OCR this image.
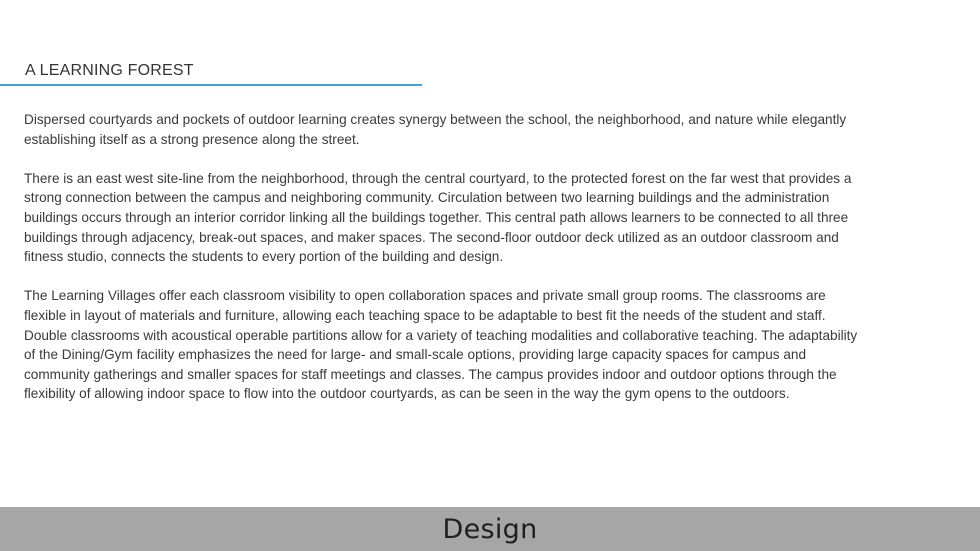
A LEARNING FOREST

Dispersed courtyards and pockets of outdoor learning creates synergy between the school, the neighborhood, and nature while elegantly establishing itself as a strong presence along the street.

There is an east west site-line from the neighborhood, through the central courtyard, to the protected forest on the far west that provides a strong connection between the campus and neighboring community. Circulation between two learning buildings and the administration buildings occurs through an interior corridor linking all the buildings together. This central path allows learners to be connected to all three buildings through adjacency, break-out spaces, and maker spaces. The second-floor outdoor deck utilized as an outdoor classroom and fitness studio, connects the students to every portion of the building and design.

The Learning Villages offer each classroom visibility to open collaboration spaces and private small group rooms. The classrooms are flexible in layout of materials and furniture, allowing each teaching space to be adaptable to best fit the needs of the student and staff. Double classrooms with acoustical operable partitions allow for a variety of teaching modalities and collaborative teaching. The adaptability of the Dining/Gym facility emphasizes the need for large- and small-scale options, providing large capacity spaces for campus and community gatherings and smaller spaces for staff meetings and classes. The campus provides indoor and outdoor options through the flexibility of allowing indoor space to flow into the outdoor courtyards, as can be seen in the way the gym opens to the outdoors.

Design
